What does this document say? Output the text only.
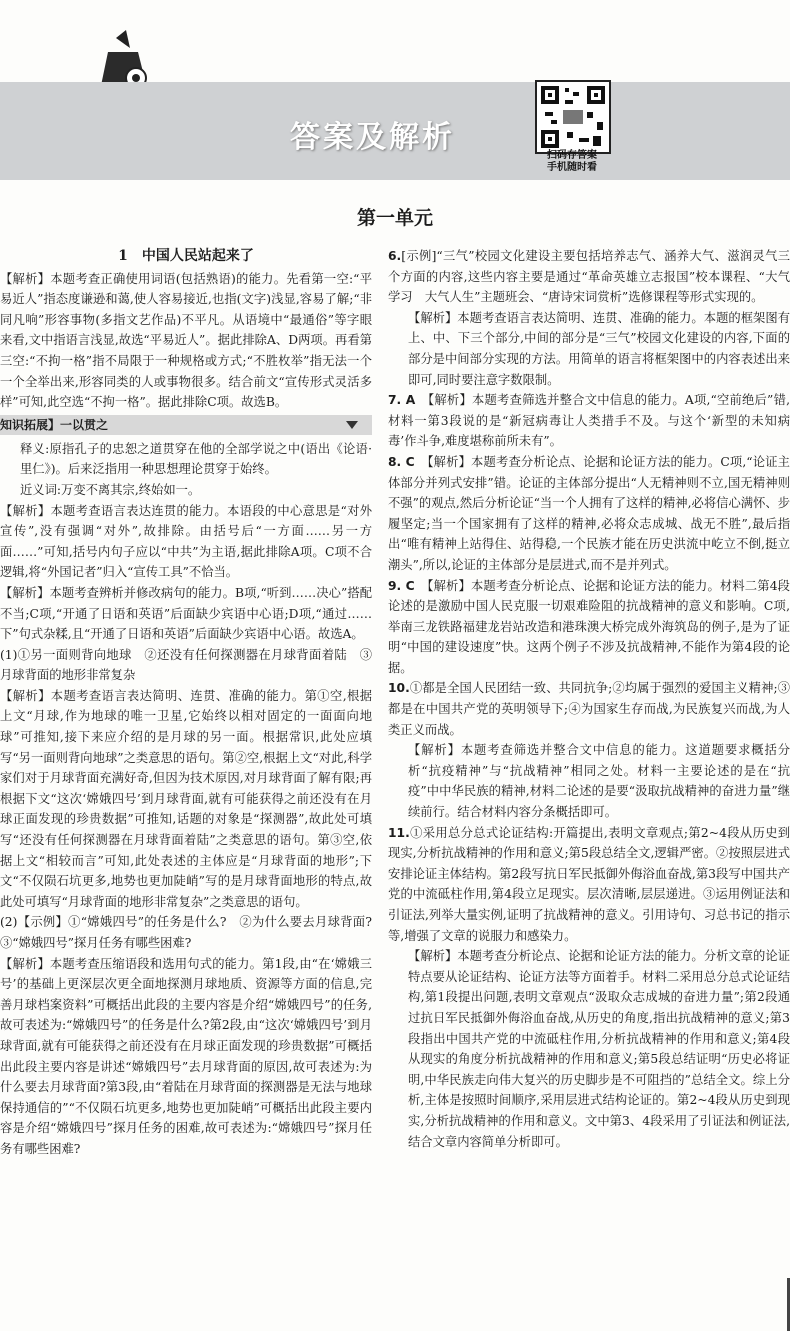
答案及解析
扫码存答案
手机随时看
第一单元

1　中国人民站起来了

【解析】本题考查正确使用词语(包括熟语)的能力。先看第一空:“平易近人”指态度谦逊和蔼,使人容易接近,也指(文字)浅显,容易了解;“非同凡响”形容事物(多指文艺作品)不平凡。从语境中“最通俗”等字眼来看,文中指语言浅显,故选“平易近人”。据此排除A、D两项。再看第三空:“不拘一格”指不局限于一种规格或方式;“不胜枚举”指无法一个一个全举出来,形容同类的人或事物很多。结合前文“宣传形式灵活多样”可知,此空选“不拘一格”。据此排除C项。故选B。

知识拓展】一以贯之

释义:原指孔子的忠恕之道贯穿在他的全部学说之中(语出《论语·里仁》)。后来泛指用一种思想理论贯穿于始终。

近义词:万变不离其宗,终始如一。

【解析】本题考查语言表达连贯的能力。本语段的中心意思是“对外宣传”,没有强调“对外”,故排除。由括号后“一方面……另一方面……”可知,括号内句子应以“中共”为主语,据此排除A项。C项不合逻辑,将“外国记者”归入“宣传工具”不恰当。

【解析】本题考查辨析并修改病句的能力。B项,“听到……决心”搭配不当;C项,“开通了日语和英语”后面缺少宾语中心语;D项,“通过……下”句式杂糅,且“开通了日语和英语”后面缺少宾语中心语。故选A。

(1)①另一面则背向地球　②还没有任何探测器在月球背面着陆　③月球背面的地形非常复杂

【解析】本题考查语言表达简明、连贯、准确的能力。第①空,根据上文“月球,作为地球的唯一卫星,它始终以相对固定的一面面向地球”可推知,接下来应介绍的是月球的另一面。根据常识,此处应填写“另一面则背向地球”之类意思的语句。第②空,根据上文“对此,科学家们对于月球背面充满好奇,但因为技术原因,对月球背面了解有限;再根据下文“这次‘嫦娥四号’到月球背面,就有可能获得之前还没有在月球正面发现的珍贵数据”可推知,话题的对象是“探测器”,故此处可填写“还没有任何探测器在月球背面着陆”之类意思的语句。第③空,依据上文“相较而言”可知,此处表述的主体应是“月球背面的地形”;下文“不仅陨石坑更多,地势也更加陡峭”写的是月球背面地形的特点,故此处可填写“月球背面的地形非常复杂”之类意思的语句。

(2)【示例】①“嫦娥四号”的任务是什么?　②为什么要去月球背面?③“嫦娥四号”探月任务有哪些困难?

【解析】本题考查压缩语段和选用句式的能力。第1段,由“在‘嫦娥三号’的基础上更深层次更全面地探测月球地质、资源等方面的信息,完善月球档案资料”可概括出此段的主要内容是介绍“嫦娥四号”的任务,故可表述为:“嫦娥四号”的任务是什么?第2段,由“这次‘嫦娥四号’到月球背面,就有可能获得之前还没有在月球正面发现的珍贵数据”可概括出此段主要内容是讲述“嫦娥四号”去月球背面的原因,故可表述为:为什么要去月球背面?第3段,由“着陆在月球背面的探测器是无法与地球保持通信的”“不仅陨石坑更多,地势也更加陡峭”可概括出此段主要内容是介绍“嫦娥四号”探月任务的困难,故可表述为:“嫦娥四号”探月任务有哪些困难?

6.[示例]“三气”校园文化建设主要包括培养志气、涵养大气、滋润灵气三个方面的内容,这些内容主要是通过“革命英雄立志报国”校本课程、“大气学习　大气人生”主题班会、“唐诗宋词赏析”选修课程等形式实现的。

【解析】本题考查语言表达简明、连贯、准确的能力。本题的框架图有上、中、下三个部分,中间的部分是“三气”校园文化建设的内容,下面的部分是中间部分实现的方法。用简单的语言将框架图中的内容表述出来即可,同时要注意字数限制。

7. A　 【解析】本题考查筛选并整合文中信息的能力。A项,“空前绝后”错,材料一第3段说的是“新冠病毒让人类措手不及。与这个‘新型的未知病毒’作斗争,难度堪称前所未有”。

8. C　 【解析】本题考查分析论点、论据和论证方法的能力。C项,“论证主体部分并列式安排”错。论证的主体部分提出“人无精神则不立,国无精神则不强”的观点,然后分析论证“当一个人拥有了这样的精神,必将信心满怀、步履坚定;当一个国家拥有了这样的精神,必将众志成城、战无不胜”,最后指出“唯有精神上站得住、站得稳,一个民族才能在历史洪流中屹立不倒,挺立潮头”,所以,论证的主体部分是层进式,而不是并列式。

9. C　 【解析】本题考查分析论点、论据和论证方法的能力。材料二第4段论述的是激励中国人民克服一切艰难险阻的抗战精神的意义和影响。C项,举南三龙铁路福建龙岩站改造和港珠澳大桥完成外海筑岛的例子,是为了证明“中国的建设速度”快。这两个例子不涉及抗战精神,不能作为第4段的论据。

10.①都是全国人民团结一致、共同抗争;②均属于强烈的爱国主义精神;③都是在中国共产党的英明领导下;④为国家生存而战,为民族复兴而战,为人类正义而战。

【解析】本题考查筛选并整合文中信息的能力。这道题要求概括分析“抗疫精神”与“抗战精神”相同之处。材料一主要论述的是在“抗疫”中中华民族的精神,材料二论述的是要“汲取抗战精神的奋进力量”继续前行。结合材料内容分条概括即可。

11.①采用总分总式论证结构:开篇提出,表明文章观点;第2~4段从历史到现实,分析抗战精神的作用和意义;第5段总结全文,逻辑严密。②按照层进式安排论证主体结构。第2段写抗日军民抵御外侮浴血奋战,第3段写中国共产党的中流砥柱作用,第4段立足现实。层次清晰,层层递进。③运用例证法和引证法,列举大量实例,证明了抗战精神的意义。引用诗句、习总书记的指示等,增强了文章的说服力和感染力。

【解析】本题考查分析论点、论据和论证方法的能力。分析文章的论证特点要从论证结构、论证方法等方面着手。材料二采用总分总式论证结构,第1段提出问题,表明文章观点“汲取众志成城的奋进力量”;第2段通过抗日军民抵御外侮浴血奋战,从历史的角度,指出抗战精神的意义;第3段指出中国共产党的中流砥柱作用,分析抗战精神的作用和意义;第4段从现实的角度分析抗战精神的作用和意义;第5段总结证明“历史必将证明,中华民族走向伟大复兴的历史脚步是不可阻挡的”总结全文。综上分析,主体是按照时间顺序,采用层进式结构论证的。第2~4段从历史到现实,分析抗战精神的作用和意义。文中第3、4段采用了引证法和例证法,结合文章内容简单分析即可。
